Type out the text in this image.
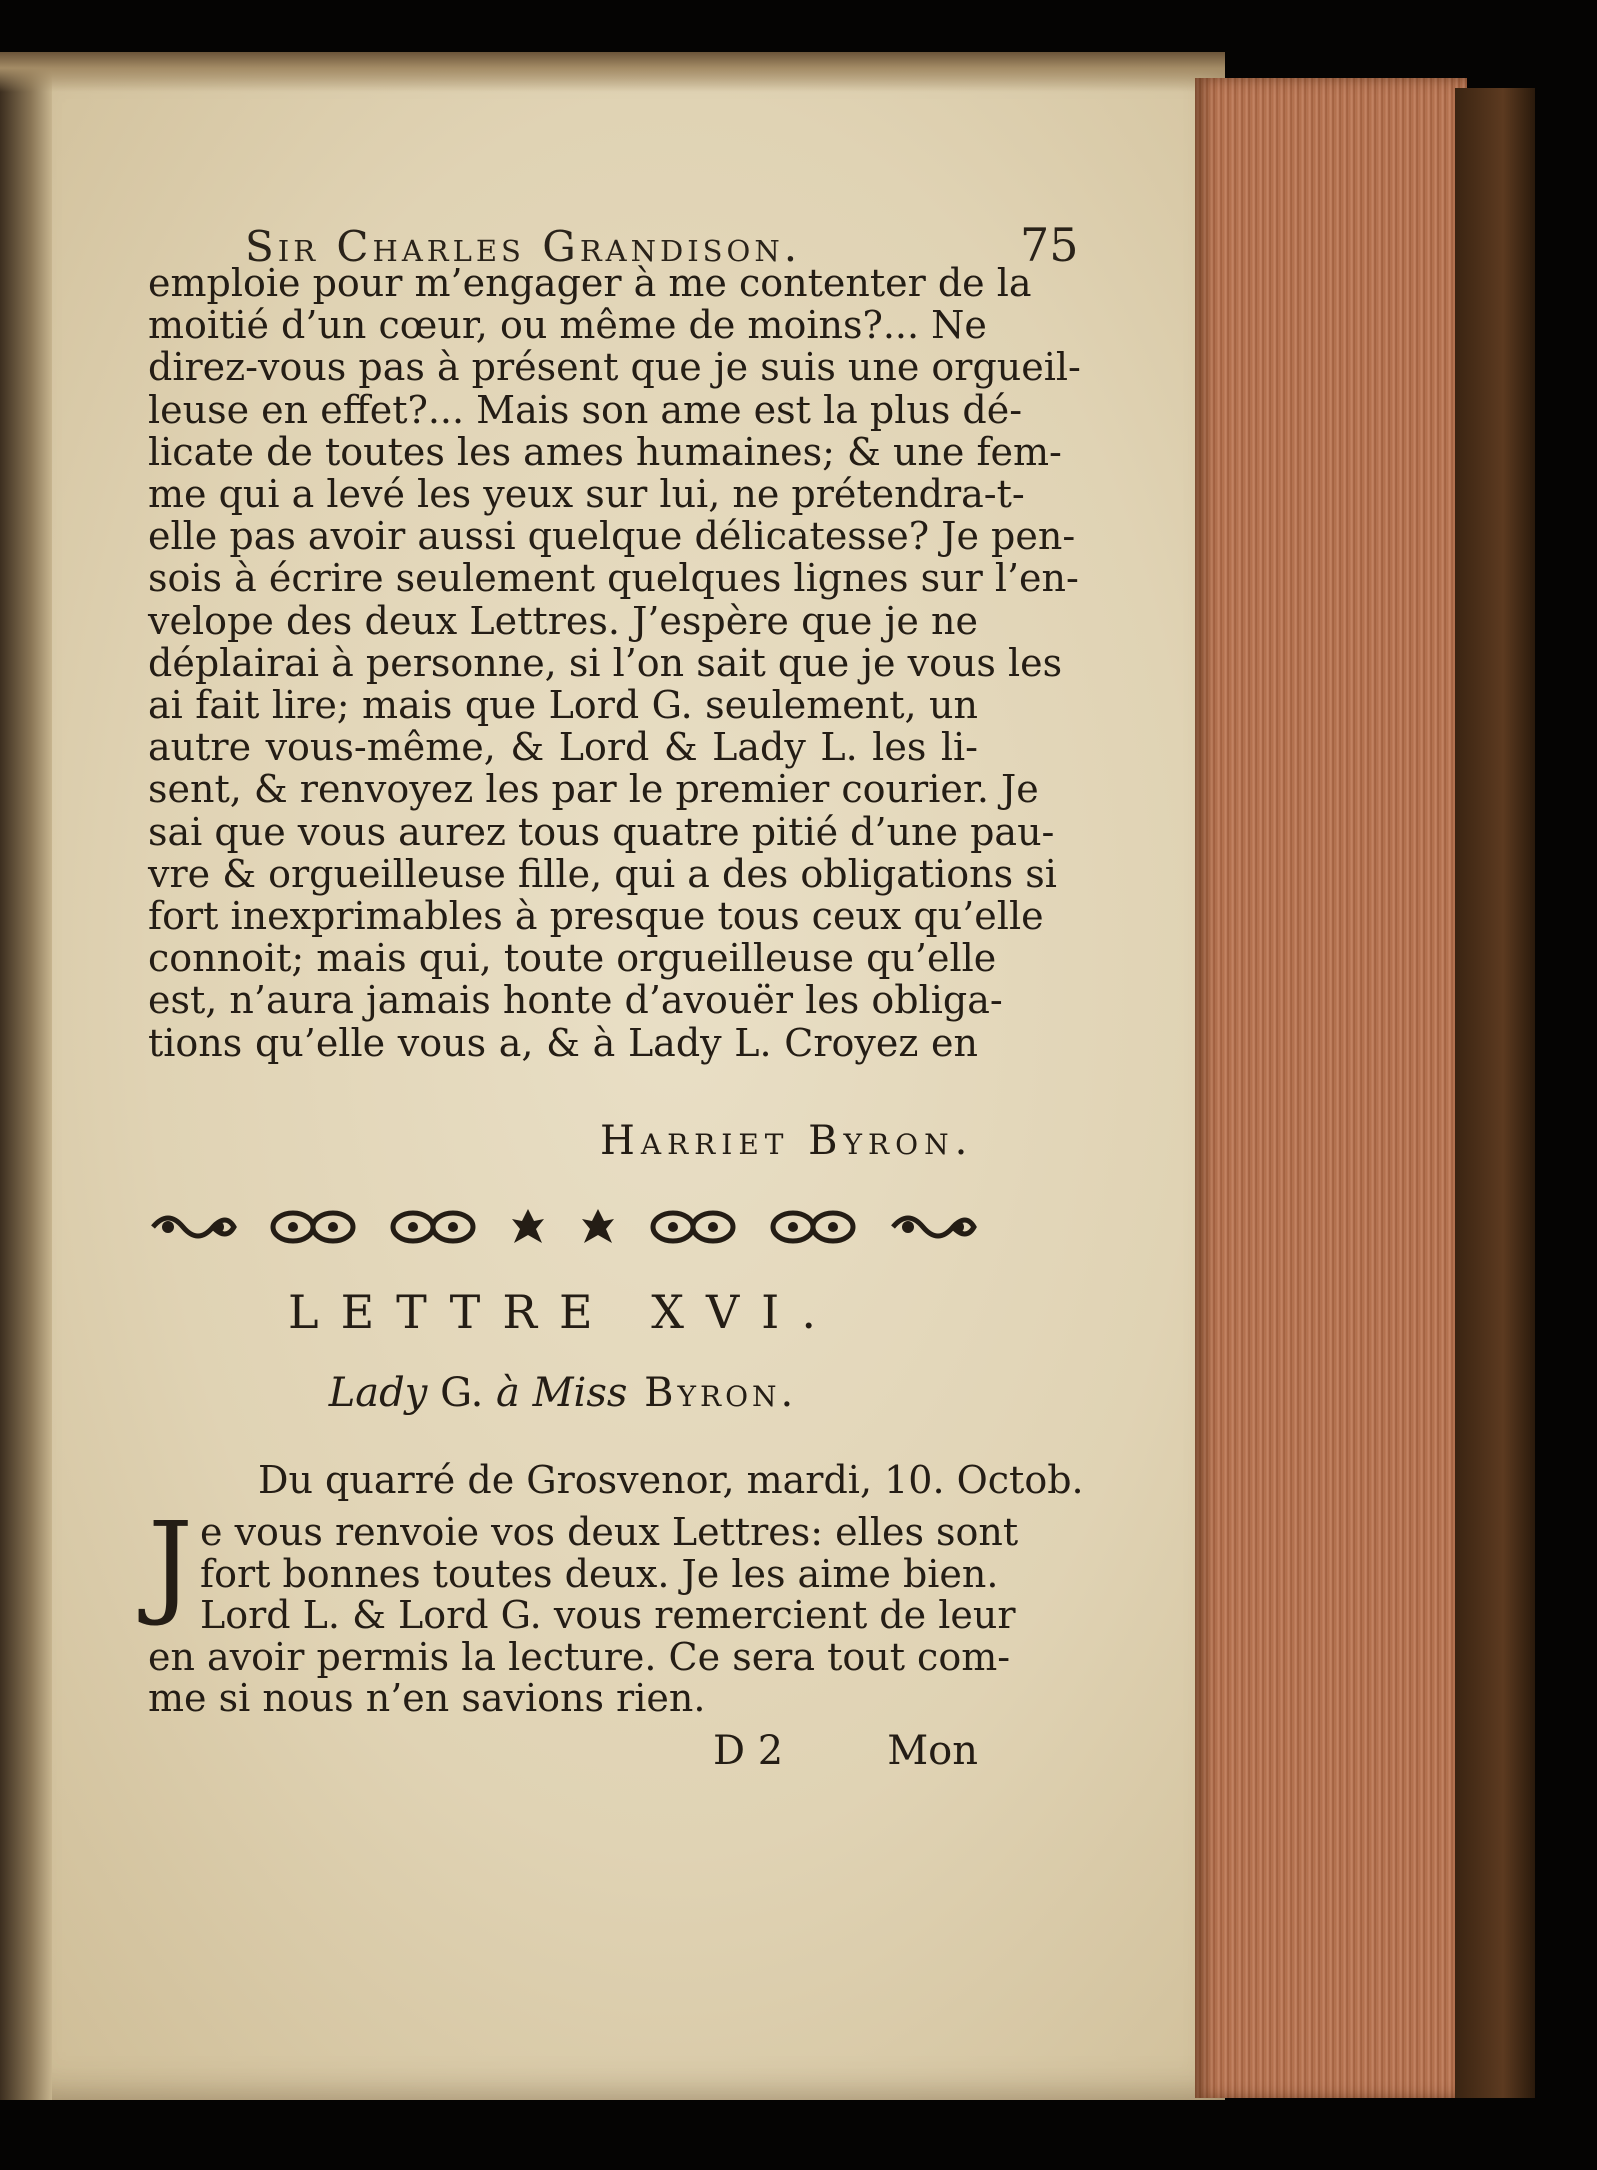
Sir Charles Grandison.	75
emploie pour m’engager à me contenter de la
moitié d’un cœur, ou même de moins?... Ne
direz-vous pas à présent que je suis une orgueil-
leuse en effet?... Mais son ame est la plus dé-
licate de toutes les ames humaines; & une fem-
me qui a levé les yeux sur lui, ne prétendra-t-
elle pas avoir aussi quelque délicatesse? Je pen-
sois à écrire seulement quelques lignes sur l’en-
velope des deux Lettres. J’espère que je ne
déplairai à personne, si l’on sait que je vous les
ai fait lire; mais que Lord G. seulement, un
autre vous-même, & Lord & Lady L. les li-
sent, & renvoyez les par le premier courier. Je
sai que vous aurez tous quatre pitié d’une pau-
vre & orgueilleuse fille, qui a des obligations si
fort inexprimables à presque tous ceux qu’elle
connoit; mais qui, toute orgueilleuse qu’elle
est, n’aura jamais honte d’avouër les obliga-
tions qu’elle vous a, & à Lady L. Croyez en
Harriet Byron.
LETTRE XVI.
Lady G. à Miss Byron.
Du quarré de Grosvenor, mardi, 10. Octob.
J e vous renvoie vos deux Lettres: elles sont
fort bonnes toutes deux. Je les aime bien.
Lord L. & Lord G. vous remercient de leur
en avoir permis la lecture. Ce sera tout com-
me si nous n’en savions rien.
D 2	Mon
